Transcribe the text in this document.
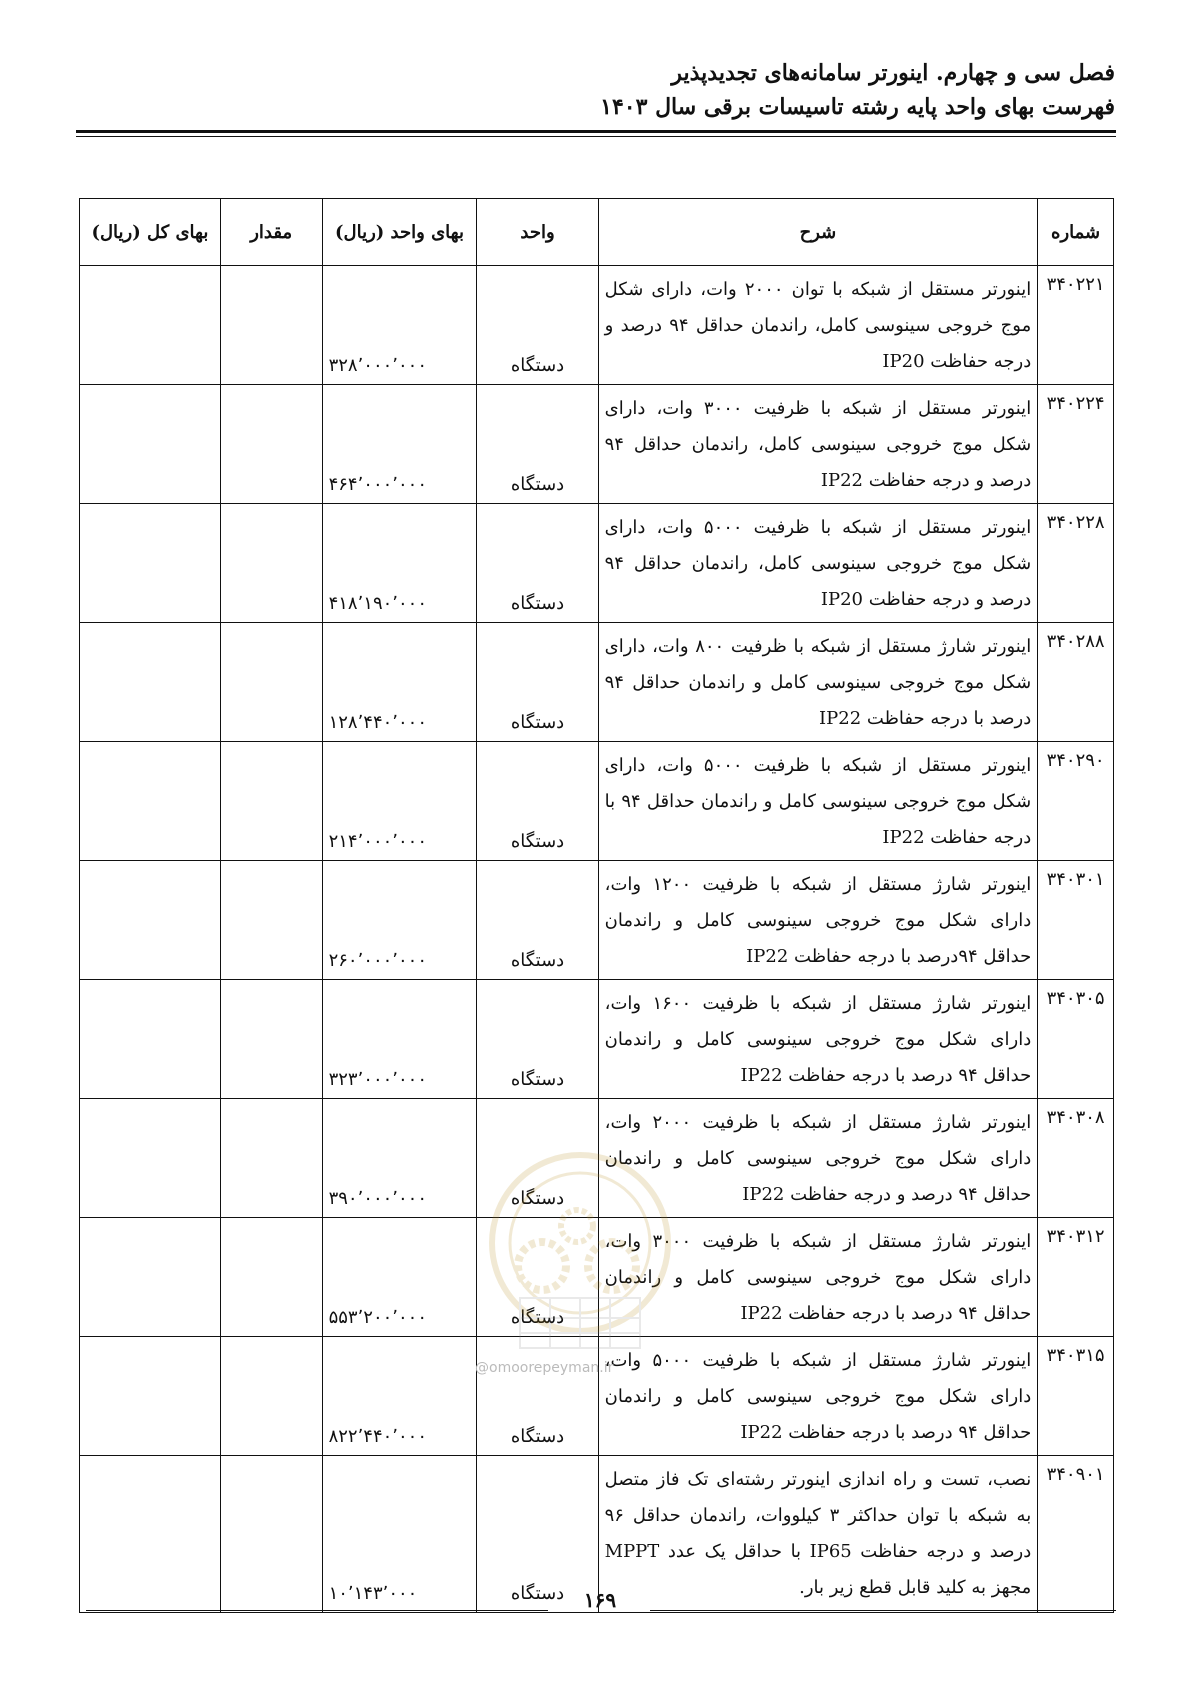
فصل سی و چهارم. اینورتر سامانه‌های تجدیدپذیر
فهرست بهای واحد پایه رشته تاسیسات برقی سال ۱۴۰۳
شماره	شرح	واحد	بهای واحد (ریال)	مقدار	بهای کل (ریال)
۳۴۰۲۲۱	اینورتر مستقل از شبکه با توان ۲۰۰۰ وات، دارای شکل موج خروجی سینوسی کامل، راندمان حداقل ۹۴ درصد و درجه حفاظت IP20	دستگاه	۳۲۸٬۰۰۰٬۰۰۰		
۳۴۰۲۲۴	اینورتر مستقل از شبکه با ظرفیت ۳۰۰۰ وات، دارای شکل موج خروجی سینوسی کامل، راندمان حداقل ۹۴ درصد و درجه حفاظت IP22	دستگاه	۴۶۴٬۰۰۰٬۰۰۰		
۳۴۰۲۲۸	اینورتر مستقل از شبکه با ظرفیت ۵۰۰۰ وات، دارای شکل موج خروجی سینوسی کامل، راندمان حداقل ۹۴ درصد و درجه حفاظت IP20	دستگاه	۴۱۸٬۱۹۰٬۰۰۰		
۳۴۰۲۸۸	اینورتر شارژ مستقل از شبکه با ظرفیت ۸۰۰ وات، دارای شکل موج خروجی سینوسی کامل و راندمان حداقل ۹۴ درصد با درجه حفاظت IP22	دستگاه	۱۲۸٬۴۴۰٬۰۰۰		
۳۴۰۲۹۰	اینورتر مستقل از شبکه با ظرفیت ۵۰۰۰ وات، دارای شکل موج خروجی سینوسی کامل و راندمان حداقل ۹۴ با درجه حفاظت IP22	دستگاه	۲۱۴٬۰۰۰٬۰۰۰		
۳۴۰۳۰۱	اینورتر شارژ مستقل از شبکه با ظرفیت ۱۲۰۰ وات، دارای شکل موج خروجی سینوسی کامل و راندمان حداقل ۹۴درصد با درجه حفاظت IP22	دستگاه	۲۶۰٬۰۰۰٬۰۰۰		
۳۴۰۳۰۵	اینورتر شارژ مستقل از شبکه با ظرفیت ۱۶۰۰ وات، دارای شکل موج خروجی سینوسی کامل و راندمان حداقل ۹۴ درصد با درجه حفاظت IP22	دستگاه	۳۲۳٬۰۰۰٬۰۰۰		
۳۴۰۳۰۸	اینورتر شارژ مستقل از شبکه با ظرفیت ۲۰۰۰ وات، دارای شکل موج خروجی سینوسی کامل و راندمان حداقل ۹۴ درصد و درجه حفاظت IP22	دستگاه	۳۹۰٬۰۰۰٬۰۰۰		
۳۴۰۳۱۲	اینورتر شارژ مستقل از شبکه با ظرفیت ۳۰۰۰ وات، دارای شکل موج خروجی سینوسی کامل و راندمان حداقل ۹۴ درصد با درجه حفاظت IP22	دستگاه	۵۵۳٬۲۰۰٬۰۰۰		
۳۴۰۳۱۵	اینورتر شارژ مستقل از شبکه با ظرفیت ۵۰۰۰ وات، دارای شکل موج خروجی سینوسی کامل و راندمان حداقل ۹۴ درصد با درجه حفاظت IP22	دستگاه	۸۲۲٬۴۴۰٬۰۰۰		
۳۴۰۹۰۱	نصب، تست و راه اندازی اینورتر رشته‌ای تک فاز متصل به شبکه با توان حداکثر ۳ کیلووات، راندمان حداقل ۹۶ درصد و درجه حفاظت IP65 با حداقل یک عدد MPPT مجهز به کلید قابل قطع زیر بار.	دستگاه	۱۰٬۱۴۳٬۰۰۰		
@omoorepeyman.ir
۱۶۹
